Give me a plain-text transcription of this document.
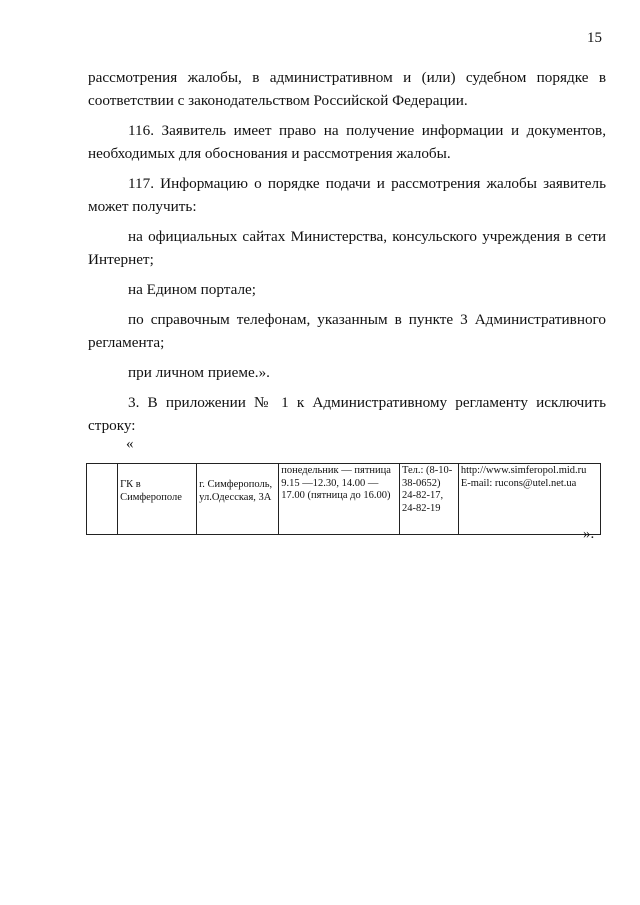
15

рассмотрения жалобы, в административном и (или) судебном порядке в соответствии с законодательством Российской Федерации.

116. Заявитель имеет право на получение информации и документов, необходимых для обоснования и рассмотрения жалобы.

117. Информацию о порядке подачи и рассмотрения жалобы заявитель может получить:

на официальных сайтах Министерства, консульского учреждения в сети Интернет;

на Едином портале;

по справочным телефонам, указанным в пункте 3 Административного регламента;

при личном приеме.».

3. В приложении № 1 к Административному регламенту исключить строку:

«
	ГК в Симферополе	г. Симферополь, ул.Одесская, 3А	понедельник — пятница 9.15 —12.30, 14.00 — 17.00 (пятница до 16.00)	Тел.: (8-10-38-0652) 24-82-17, 24-82-19	http://www.simferopol.mid.ru E-mail: rucons@utel.net.ua
».
